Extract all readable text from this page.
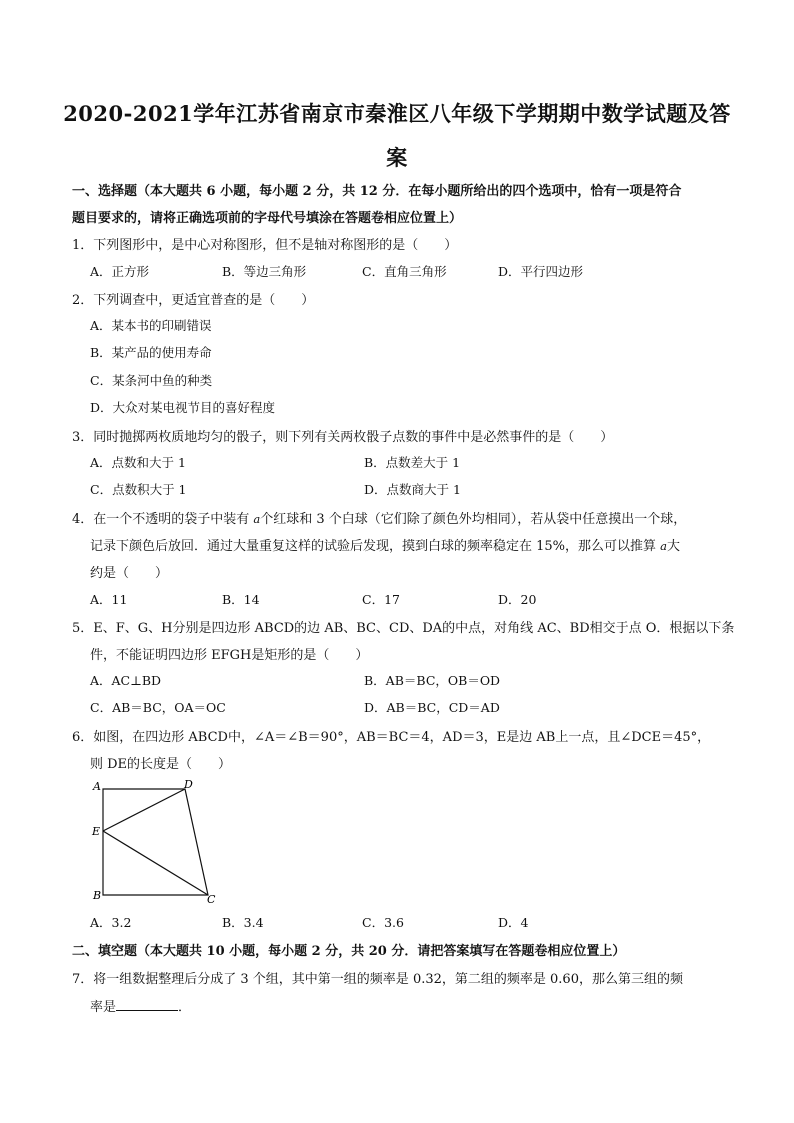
2020-2021学年江苏省南京市秦淮区八年级下学期期中数学试题及答
案
一、选择题（本大题共 6 小题，每小题 2 分，共 12 分．在每小题所给出的四个选项中，恰有一项是符合
题目要求的，请将正确选项前的字母代号填涂在答题卷相应位置上）
1．下列图形中，是中心对称图形，但不是轴对称图形的是（　　）
A．正方形	B．等边三角形	C．直角三角形	D．平行四边形
2．下列调查中，更适宜普查的是（　　）
A．某本书的印刷错误
B．某产品的使用寿命
C．某条河中鱼的种类
D．大众对某电视节目的喜好程度
3．同时抛掷两枚质地均匀的骰子，则下列有关两枚骰子点数的事件中是必然事件的是（　　）
A．点数和大于 1	B．点数差大于 1
C．点数积大于 1	D．点数商大于 1
4．在一个不透明的袋子中装有 a个红球和 3 个白球（它们除了颜色外均相同），若从袋中任意摸出一个球，
记录下颜色后放回．通过大量重复这样的试验后发现，摸到白球的频率稳定在 15%，那么可以推算 a大
约是（　　）
A．11	B．14	C．17	D．20
5．E、F、G、H分别是四边形 ABCD的边 AB、BC、CD、DA的中点，对角线 AC、BD相交于点 O．根据以下条
件，不能证明四边形 EFGH是矩形的是（　　）
A．AC⊥BD	B．AB＝BC，OB＝OD
C．AB＝BC，OA＝OC	D．AB＝BC，CD＝AD
6．如图，在四边形 ABCD中，∠A＝∠B＝90°，AB＝BC＝4，AD＝3，E是边 AB上一点，且∠DCE＝45°，
则 DE的长度是（　　）
A	D
E
B	C
A．3.2	B．3.4	C．3.6	D．4
二、填空题（本大题共 10 小题，每小题 2 分，共 20 分．请把答案填写在答题卷相应位置上）
7．将一组数据整理后分成了 3 个组，其中第一组的频率是 0.32，第二组的频率是 0.60，那么第三组的频
率是	．
